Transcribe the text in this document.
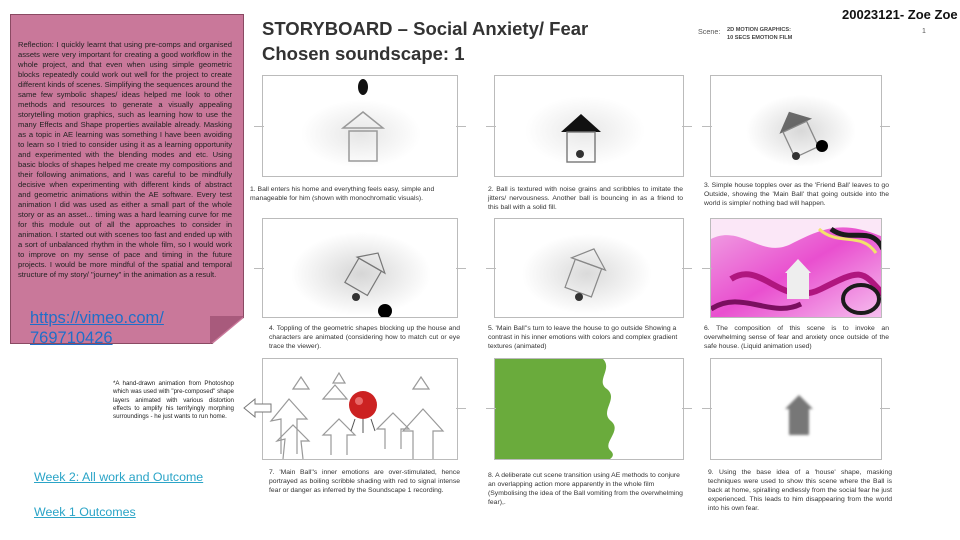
Reflection: I quickly learnt that using pre-comps and organised assets were very important for creating a good workflow in the whole project, and that even when using simple geometric blocks repeatedly could work out well for the project to create different kinds of scenes. Simplifying the sequences around the same few symbolic shapes/ ideas helped me look to other methods and resources to generate a visually appealing storytelling motion graphics, such as learning how to use the many Effects and Shape properties available already. Masking as a topic in AE learning was something I have been avoiding to learn so I tried to consider using it as a learning opportunity and experimented with the blending modes and etc. Using basic blocks of shapes helped me create my compositions and their following animations, and I was careful to be mindfully decisive when experimenting with different kinds of abstract and geometric animations within the AE software. Every test animation I did was used as either a small part of the whole story or as an asset... timing was a hard learning curve for me for this module out of all the approaches to consider in animation. I started out with scenes too fast and ended up with a sort of unbalanced rhythm in the whole film, so I would work to improve on my sense of pace and timing in the future projects. I would be more mindful of the spatial and temporal structure of my story/ "journey" in the animation as a result.
https://vimeo.com/
769710426
STORYBOARD – Social Anxiety/ Fear
Chosen soundscape: 1
Scene: 2D MOTION GRAPHICS:
10 SECS EMOTION FILM
20023121- Zoe Zoe
1
1. Ball enters his home and everything feels easy, simple and manageable for him (shown with monochromatic visuals).
2. Ball is textured with noise grains and scribbles to imitate the jitters/ nervousness. Another ball is bouncing in as a friend to this ball with a solid fill.
3. Simple house topples over as the 'Friend Ball' leaves to go Outside, showing the 'Main Ball' that going outside into the world is simple/ nothing bad will happen.
4. Toppling of the geometric shapes blocking up the house and characters are animated (considering how to match cut or eye trace the viewer).
5. 'Main Ball''s turn to leave the house to go outside Showing a contrast in his inner emotions with colors and complex gradient textures (animated)
6. The composition of this scene is to invoke an overwhelming sense of fear and anxiety once outside of the safe house. (Liquid animation used)
7. 'Main Ball''s inner emotions are over-stimulated, hence portrayed as boiling scribble shading with red to signal intense fear or danger as inferred by the Soundscape 1 recording.
8. A deliberate cut scene transition using AE methods to conjure an overlapping action more apparently in the whole film (Symbolising the idea of the Ball vomiting from the overwhelming fear),.
9. Using the base idea of a 'house' shape, masking techniques were used to show this scene where the Ball is back at home, spiralling endlessly from the social fear he just experienced. This leads to him disappearing from the world into his own fear.
*A hand-drawn animation from Photoshop which was used with "pre-composed" shape layers animated with various distortion effects to amplify his terrifyingly morphing surroundings - he just wants to run home.
Week 2: All work and Outcome
Week 1 Outcomes
